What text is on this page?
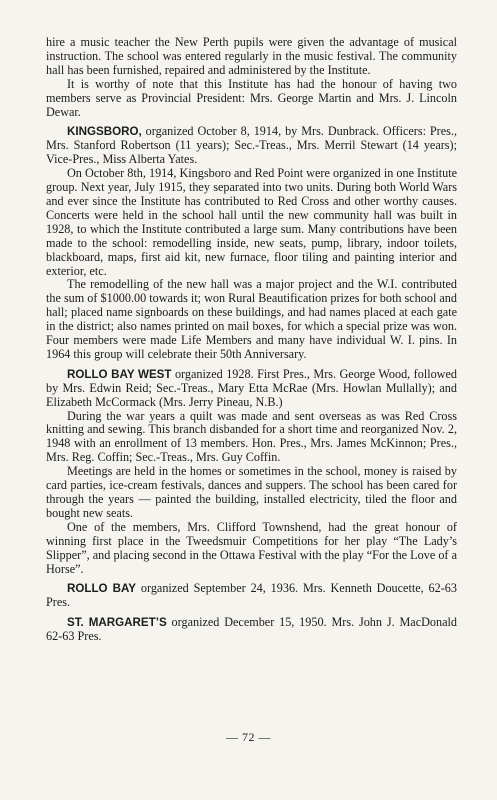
hire a music teacher the New Perth pupils were given the advantage of musical instruction. The school was entered regularly in the music festival. The community hall has been furnished, repaired and administered by the Institute.

It is worthy of note that this Institute has had the honour of having two members serve as Provincial President: Mrs. George Martin and Mrs. J. Lincoln Dewar.

KINGSBORO, organized October 8, 1914, by Mrs. Dunbrack. Officers: Pres., Mrs. Stanford Robertson (11 years); Sec.-Treas., Mrs. Merril Stewart (14 years); Vice-Pres., Miss Alberta Yates.

On October 8th, 1914, Kingsboro and Red Point were organized in one Institute group. Next year, July 1915, they separated into two units. During both World Wars and ever since the Institute has contributed to Red Cross and other worthy causes. Concerts were held in the school hall until the new community hall was built in 1928, to which the Institute contributed a large sum. Many contributions have been made to the school: remodelling inside, new seats, pump, library, indoor toilets, blackboard, maps, first aid kit, new furnace, floor tiling and painting interior and exterior, etc.

The remodelling of the new hall was a major project and the W.I. contributed the sum of $1000.00 towards it; won Rural Beautification prizes for both school and hall; placed name signboards on these buildings, and had names placed at each gate in the district; also names printed on mail boxes, for which a special prize was won. Four members were made Life Members and many have individual W. I. pins. In 1964 this group will celebrate their 50th Anniversary.

ROLLO BAY WEST organized 1928. First Pres., Mrs. George Wood, followed by Mrs. Edwin Reid; Sec.-Treas., Mary Etta McRae (Mrs. Howlan Mullally); and Elizabeth McCormack (Mrs. Jerry Pineau, N.B.)

During the war years a quilt was made and sent overseas as was Red Cross knitting and sewing. This branch disbanded for a short time and reorganized Nov. 2, 1948 with an enrollment of 13 members. Hon. Pres., Mrs. James McKinnon; Pres., Mrs. Reg. Coffin; Sec.-Treas., Mrs. Guy Coffin.

Meetings are held in the homes or sometimes in the school, money is raised by card parties, ice-cream festivals, dances and suppers. The school has been cared for through the years — painted the building, installed electricity, tiled the floor and bought new seats.

One of the members, Mrs. Clifford Townshend, had the great honour of winning first place in the Tweedsmuir Competitions for her play “The Lady’s Slipper”, and placing second in the Ottawa Festival with the play “For the Love of a Horse”.

ROLLO BAY organized September 24, 1936. Mrs. Kenneth Doucette, 62-63 Pres.

ST. MARGARET’S organized December 15, 1950. Mrs. John J. MacDonald 62-63 Pres.

— 72 —
